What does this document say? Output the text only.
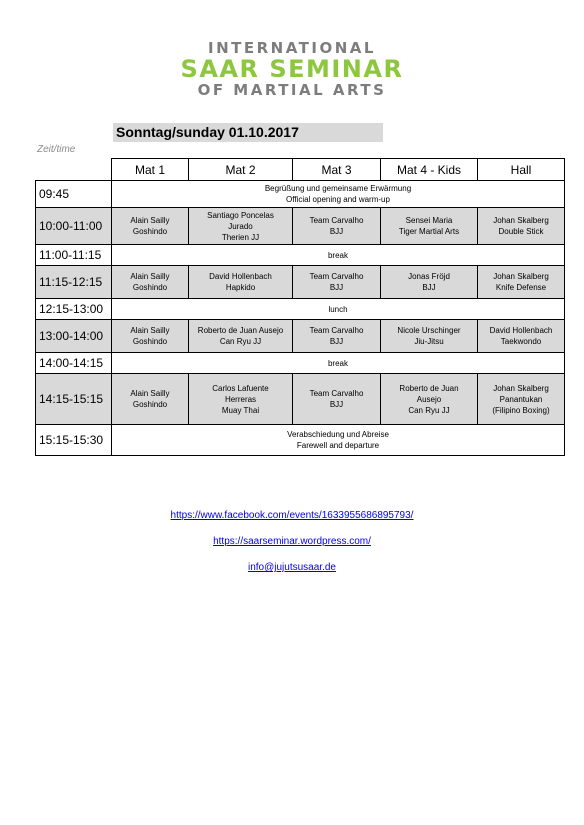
INTERNATIONAL
SAAR SEMINAR
OF MARTIAL ARTS
Sonntag/sunday 01.10.2017
Zeit/time
	Mat 1	Mat 2	Mat 3	Mat 4 - Kids	Hall
09:45	Begrüßung und gemeinsame Erwärmung
Official opening and warm-up				

10:00-11:00	Alain Sailly
Goshindo	Santiago Poncelas
Jurado
Therien JJ	Team Carvalho
BJJ	Sensei Maria
Tiger Martial Arts	Johan Skalberg
Double Stick

11:00-11:15	break				

11:15-12:15	Alain Sailly
Goshindo	David Hollenbach
Hapkido	Team Carvalho
BJJ	Jonas Fröjd
BJJ	Johan Skalberg
Knife Defense

12:15-13:00	lunch				

13:00-14:00	Alain Sailly
Goshindo	Roberto de Juan Ausejo
Can Ryu JJ	Team Carvalho
BJJ	Nicole Urschinger
Jiu-Jitsu	David Hollenbach
Taekwondo

14:00-14:15	break				

14:15-15:15	Alain Sailly
Goshindo	Carlos Lafuente
Herreras
Muay Thai	Team Carvalho
BJJ	Roberto de Juan
Ausejo
Can Ryu JJ	Johan Skalberg
Panantukan
(Filipino Boxing)

15:15-15:30	Verabschiedung und Abreise
Farewell and departure				
https://www.facebook.com/events/1633955686895793/
https://saarseminar.wordpress.com/
info@jujutsusaar.de
